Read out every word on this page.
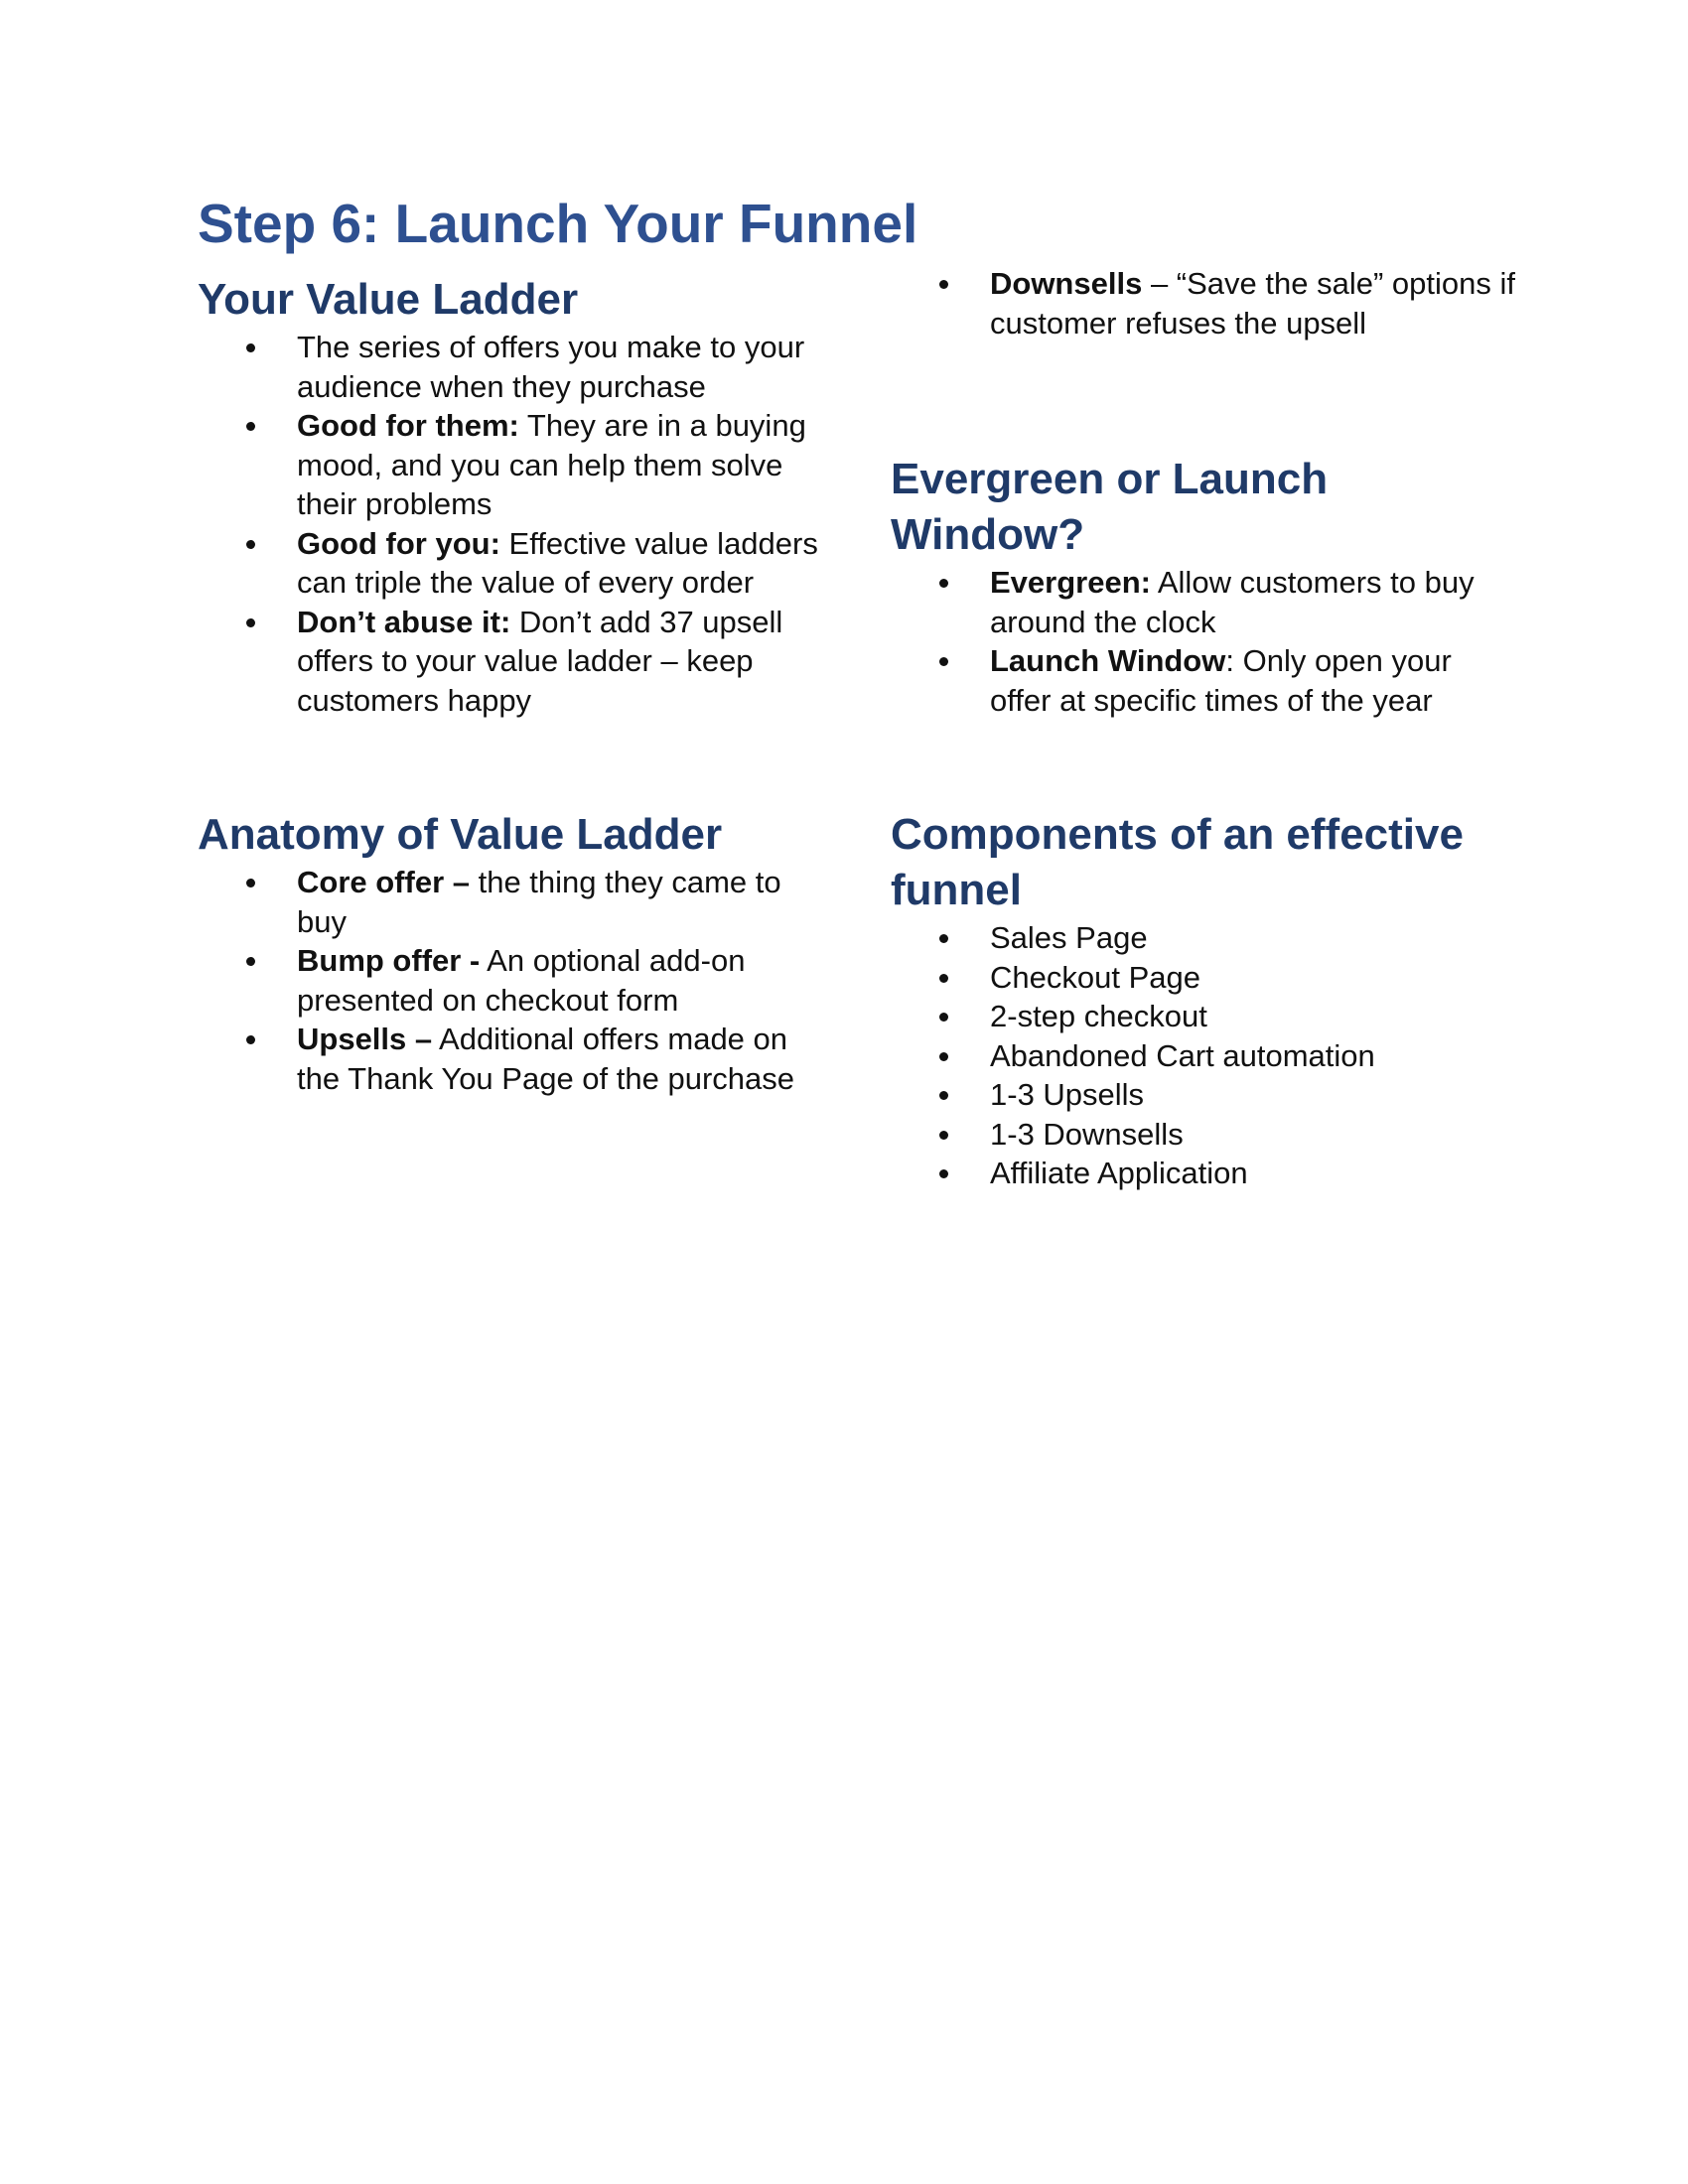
Step 6: Launch Your Funnel
Your Value Ladder
The series of offers you make to your audience when they purchase
Good for them: They are in a buying mood, and you can help them solve their problems
Good for you: Effective value ladders can triple the value of every order
Don’t abuse it: Don’t add 37 upsell offers to your value ladder – keep customers happy
Anatomy of Value Ladder
Core offer – the thing they came to buy
Bump offer - An optional add-on presented on checkout form
Upsells – Additional offers made on the Thank You Page of the purchase
Downsells – “Save the sale” options if customer refuses the upsell
Evergreen or Launch Window?
Evergreen: Allow customers to buy around the clock
Launch Window: Only open your offer at specific times of the year
Components of an effective funnel
Sales Page
Checkout Page
2-step checkout
Abandoned Cart automation
1-3 Upsells
1-3 Downsells
Affiliate Application
